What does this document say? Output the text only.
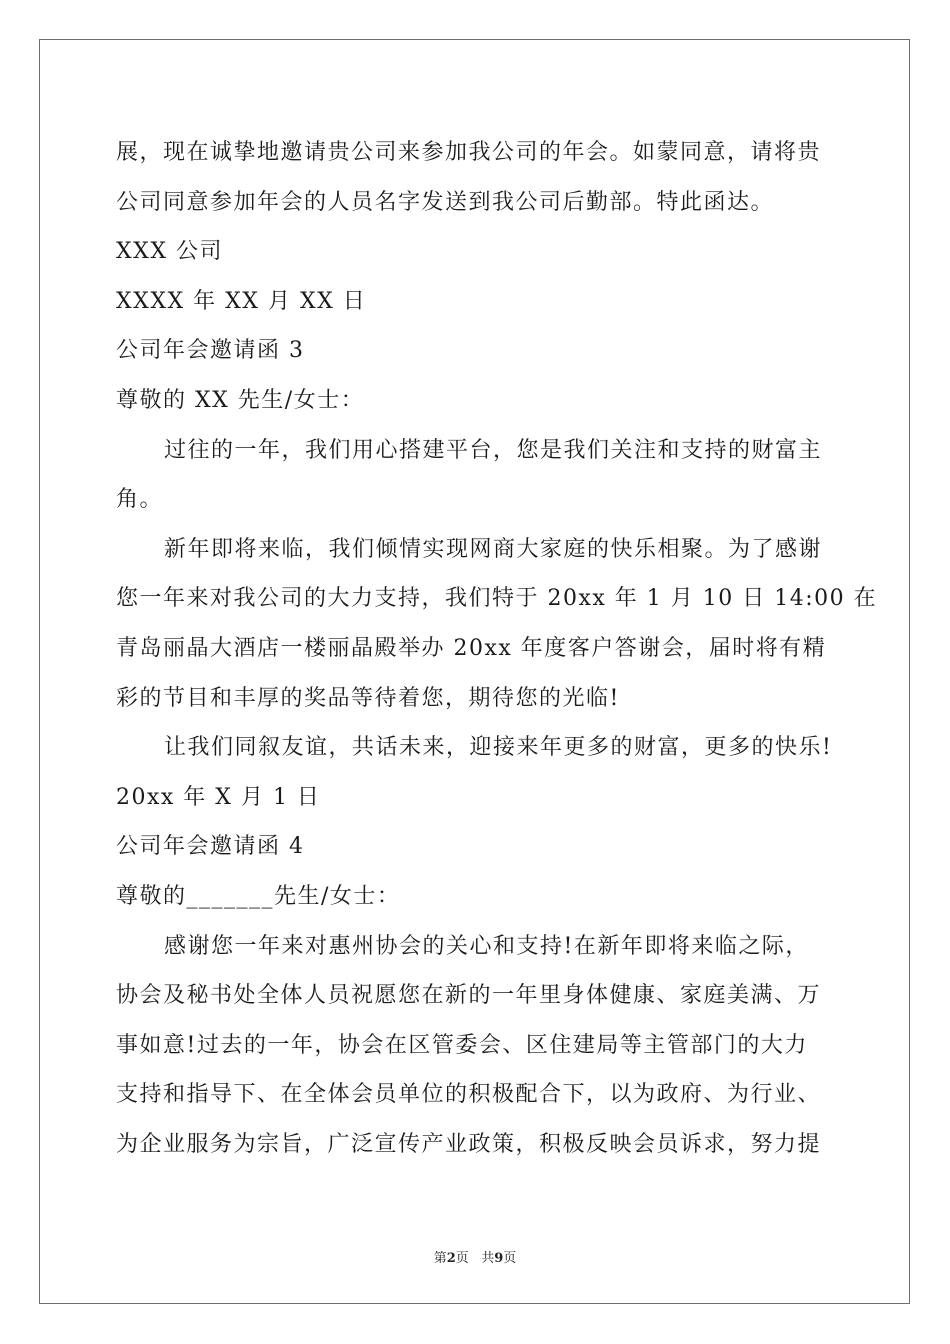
展，现在诚挚地邀请贵公司来参加我公司的年会。如蒙同意，请将贵
公司同意参加年会的人员名字发送到我公司后勤部。特此函达。
XXX 公司
XXXX 年 XX 月 XX 日
公司年会邀请函 3
尊敬的 XX 先生/女士：
过往的一年，我们用心搭建平台，您是我们关注和支持的财富主
角。
新年即将来临，我们倾情实现网商大家庭的快乐相聚。为了感谢
您一年来对我公司的大力支持，我们特于 20xx 年 1 月 10 日 14:00 在
青岛丽晶大酒店一楼丽晶殿举办 20xx 年度客户答谢会，届时将有精
彩的节目和丰厚的奖品等待着您，期待您的光临!
让我们同叙友谊，共话未来，迎接来年更多的财富，更多的快乐!
20xx 年 X 月 1 日
公司年会邀请函 4
尊敬的_______先生/女士：
感谢您一年来对惠州协会的关心和支持!在新年即将来临之际，
协会及秘书处全体人员祝愿您在新的一年里身体健康、家庭美满、万
事如意!过去的一年，协会在区管委会、区住建局等主管部门的大力
支持和指导下、在全体会员单位的积极配合下，以为政府、为行业、
为企业服务为宗旨，广泛宣传产业政策，积极反映会员诉求，努力提
第2页 共9页
